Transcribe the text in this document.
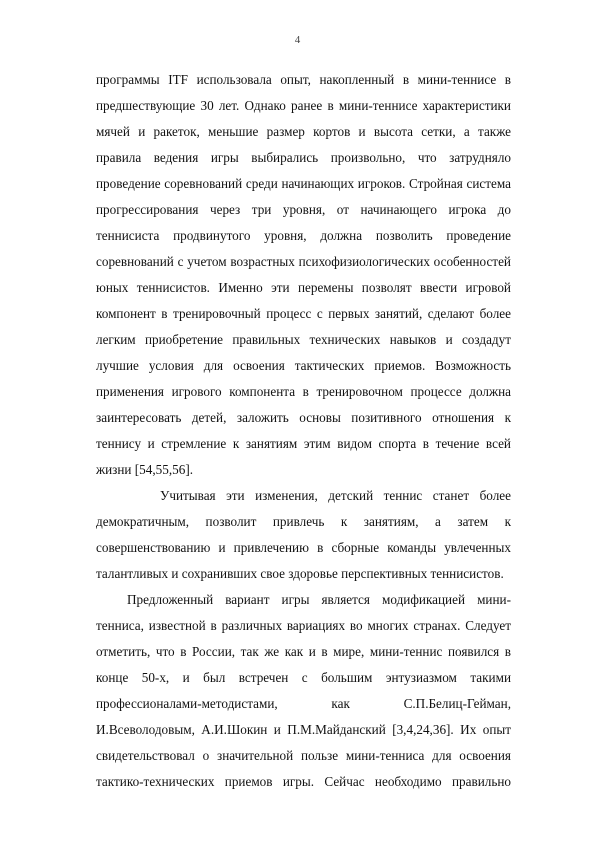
4
программы ITF использовала опыт, накопленный в мини-теннисе в
предшествующие 30 лет. Однако ранее в мини-теннисе характеристики
мячей и ракеток, меньшие размер кортов и высота сетки, а также
правила ведения игры выбирались произвольно, что затрудняло
проведение соревнований среди начинающих игроков. Стройная система
прогрессирования через три уровня, от начинающего игрока до
теннисиста продвинутого уровня, должна позволить проведение
соревнований с учетом возрастных психофизиологических особенностей
юных теннисистов. Именно эти перемены позволят ввести игровой
компонент в тренировочный процесс с первых занятий, сделают более
легким приобретение правильных технических навыков и создадут
лучшие условия для освоения тактических приемов. Возможность
применения игрового компонента в тренировочном процессе должна
заинтересовать детей, заложить основы позитивного отношения к
теннису и стремление к занятиям этим видом спорта в течение всей
жизни [54,55,56].
Учитывая эти изменения, детский теннис станет более
демократичным, позволит привлечь к занятиям, а затем к
совершенствованию и привлечению в сборные команды увлеченных
талантливых и сохранивших свое здоровье перспективных теннисистов.
Предложенный вариант игры является модификацией мини-
тенниса, известной в различных вариациях во многих странах. Следует
отметить, что в России, так же как и в мире, мини-теннис появился в
конце 50-х, и был встречен с большим энтузиазмом такими
профессионалами-методистами, как С.П.Белиц-Гейман,
И.Всеволодовым, А.И.Шокин и П.М.Майданский [3,4,24,36]. Их опыт
свидетельствовал о значительной пользе мини-тенниса для освоения
тактико-технических приемов игры. Сейчас необходимо правильно
